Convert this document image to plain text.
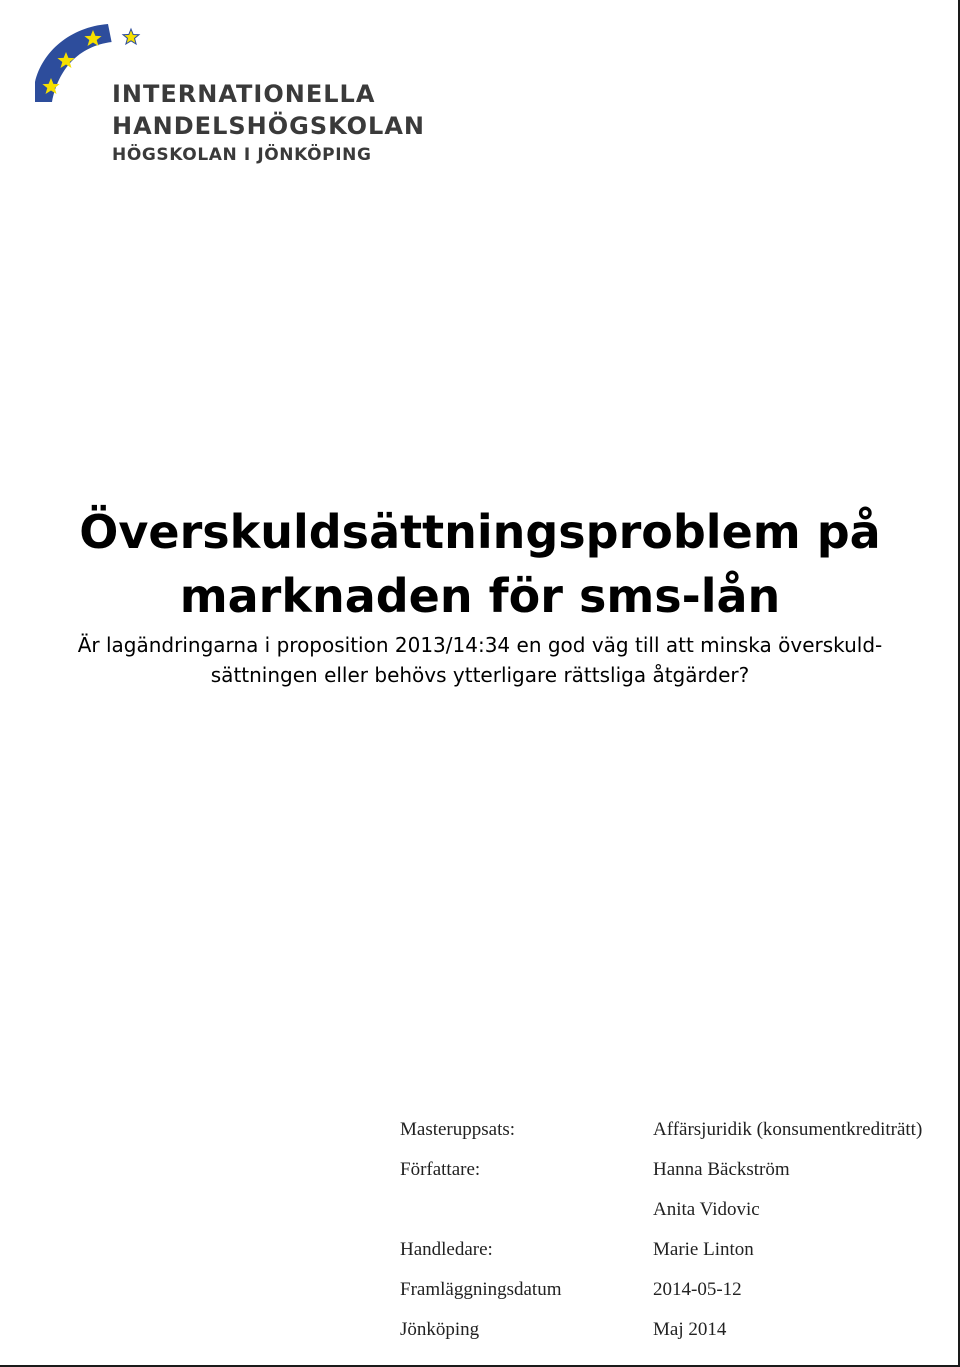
INTERNATIONELLA
HANDELSHÖGSKOLAN
HÖGSKOLAN I JÖNKÖPING
Överskuldsättningsproblem på
marknaden för sms-lån
Är lagändringarna i proposition 2013/14:34 en god väg till att minska överskuld-
sättningen eller behövs ytterligare rättsliga åtgärder?
Masteruppsats:	Affärsjuridik (konsumentkrediträtt)
Författare:	Hanna Bäckström
Anita Vidovic
Handledare:	Marie Linton
Framläggningsdatum	2014-05-12
Jönköping	Maj 2014
